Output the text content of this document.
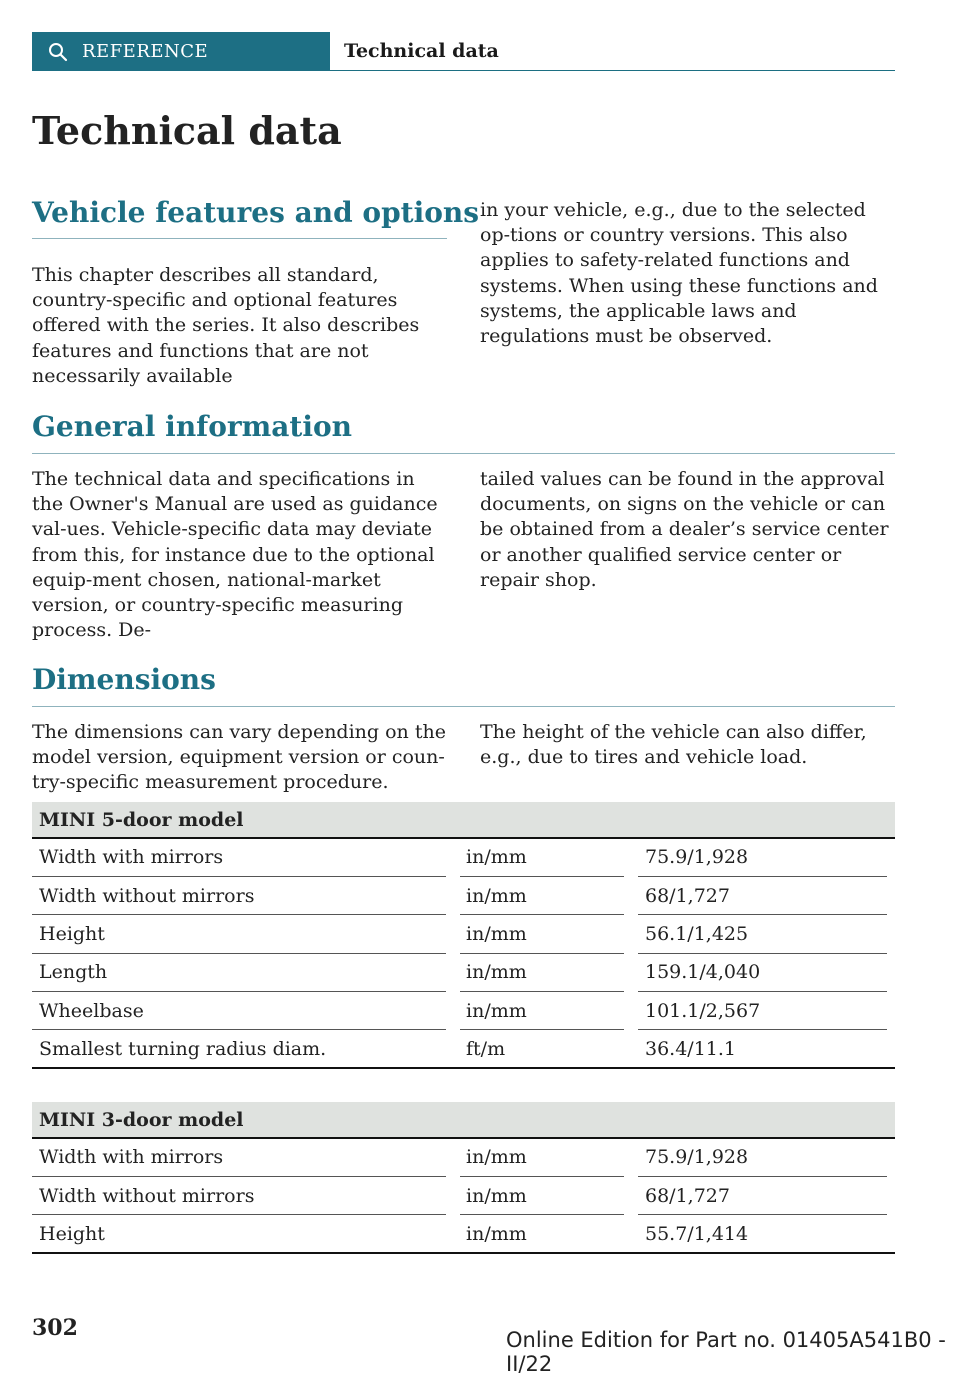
REFERENCE	Technical data
Technical data
Vehicle features and options

This chapter describes all standard, country-specific and optional features offered with the series. It also describes features and functions that are not necessarily available

in your vehicle, e.g., due to the selected op-tions or country versions. This also applies to safety-related functions and systems. When using these functions and systems, the applicable laws and regulations must be observed.

General information

The technical data and specifications in the Owner's Manual are used as guidance val-ues. Vehicle-specific data may deviate from this, for instance due to the optional equip-ment chosen, national-market version, or country-specific measuring process. De-

tailed values can be found in the approval documents, on signs on the vehicle or can be obtained from a dealer’s service center or another qualified service center or repair shop.

Dimensions

The dimensions can vary depending on the model version, equipment version or coun-try-specific measurement procedure.

The height of the vehicle can also differ, e.g., due to tires and vehicle load.

MINI 5-door model					
Width with mirrors		in/mm		75.9/1,928	
Width without mirrors		in/mm		68/1,727	
Height		in/mm		56.1/1,425	
Length		in/mm		159.1/4,040	
Wheelbase		in/mm		101.1/2,567	
Smallest turning radius diam.		ft/m		36.4/11.1	
MINI 3-door model					
Width with mirrors		in/mm		75.9/1,928	
Width without mirrors		in/mm		68/1,727	
Height		in/mm		55.7/1,414	
302	Online Edition for Part no. 01405A541B0 - II/22
